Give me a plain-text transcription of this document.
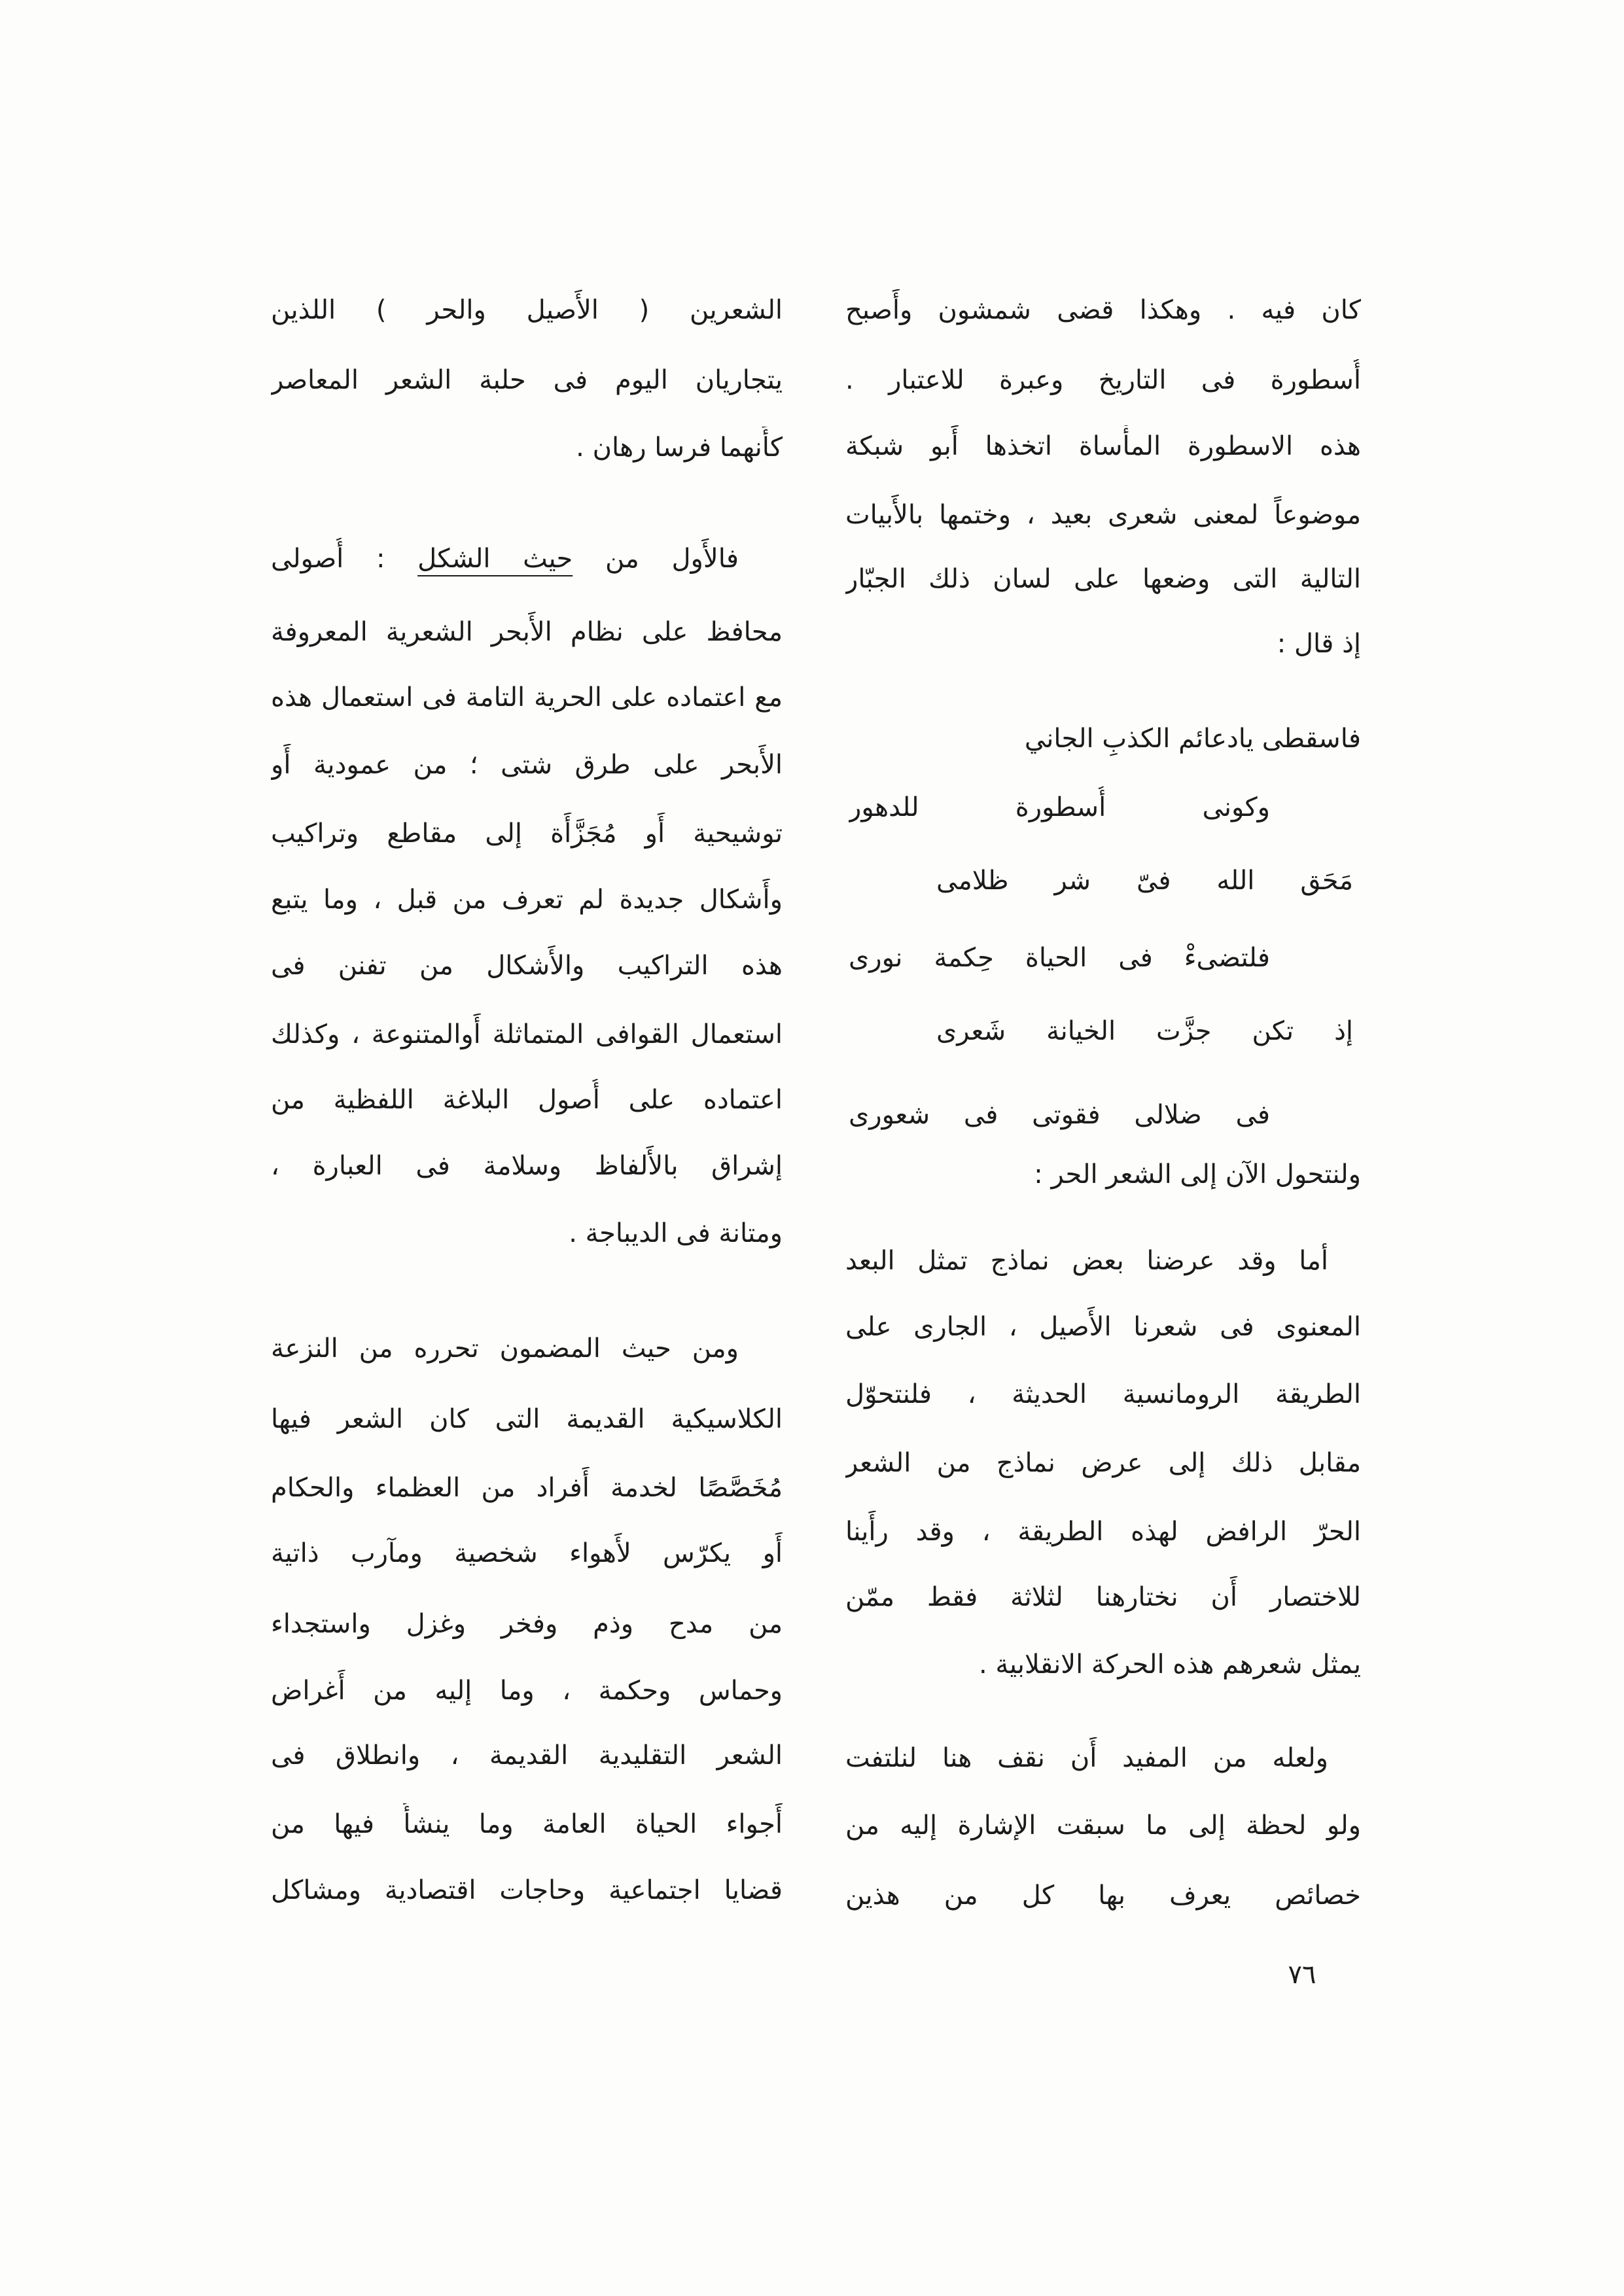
كان فيه . وهكذا قضى شمشون وأَصبح
أُسطورة فى التاريخ وعبرة للاعتبار .
هذه الاسطورة المأْساة اتخذها أَبو شبكة
موضوعاً لمعنى شعرى بعيد ، وختمها بالأَبيات
التالية التى وضعها على لسان ذلك الجبّار
إذ قال :
فاسقطى يادعائم الكذبِ الجاني
وكونى أُسطورة للدهور
مَحَق الله فىّ شر ظلامى
فلتضىءْ فى الحياة حِكمة نورى
إذ تكن جزَّت الخيانة شَعرى
فى ضلالى فقوتى فى شعورى
ولنتحول الآن إلى الشعر الحر :
أما وقد عرضنا بعض نماذج تمثل البعد
المعنوى فى شعرنا الأَصيل ، الجارى على
الطريقة الرومانسية الحديثة ، فلنتحوّل
مقابل ذلك إلى عرض نماذج من الشعر
الحرّ الرافض لهذه الطريقة ، وقد رأَينا
للاختصار أَن نختارهنا لثلاثة فقط ممّن
يمثل شعرهم هذه الحركة الانقلابية .
ولعله من المفيد أَن نقف هنا لنلتفت
ولو لحظة إلى ما سبقت الإشارة إليه من
خصائص يعرف بها كل من هذين
الشعرين ( الأَصيل والحر ) اللذين
يتجاريان اليوم فى حلبة الشعر المعاصر
كأَنهما فرسا رهان .
فالأَول من حيث الشكل : أُصولى
محافظ على نظام الأَبحر الشعرية المعروفة
مع اعتماده على الحرية التامة فى استعمال هذه
الأَبحر على طرق شتى ؛ من عمودية أَو
توشيحية أَو مُجَزَّأَة إلى مقاطع وتراكيب
وأَشكال جديدة لم تعرف من قبل ، وما يتبع
هذه التراكيب والأَشكال من تفنن فى
استعمال القوافى المتماثلة أَوالمتنوعة ، وكذلك
اعتماده على أُصول البلاغة اللفظية من
إشراق بالأَلفاظ وسلامة فى العبارة ،
ومتانة فى الديباجة .
ومن حيث المضمون تحرره من النزعة
الكلاسيكية القديمة التى كان الشعر فيها
مُخَصَّصًا لخدمة أَفراد من العظماء والحكام
أَو يكرّس لأَهواء شخصية ومآرب ذاتية
من مدح وذم وفخر وغزل واستجداء
وحماس وحكمة ، وما إليه من أَغراض
الشعر التقليدية القديمة ، وانطلاق فى
أَجواء الحياة العامة وما ينشأُ فيها من
قضايا اجتماعية وحاجات اقتصادية ومشاكل
٧٦
